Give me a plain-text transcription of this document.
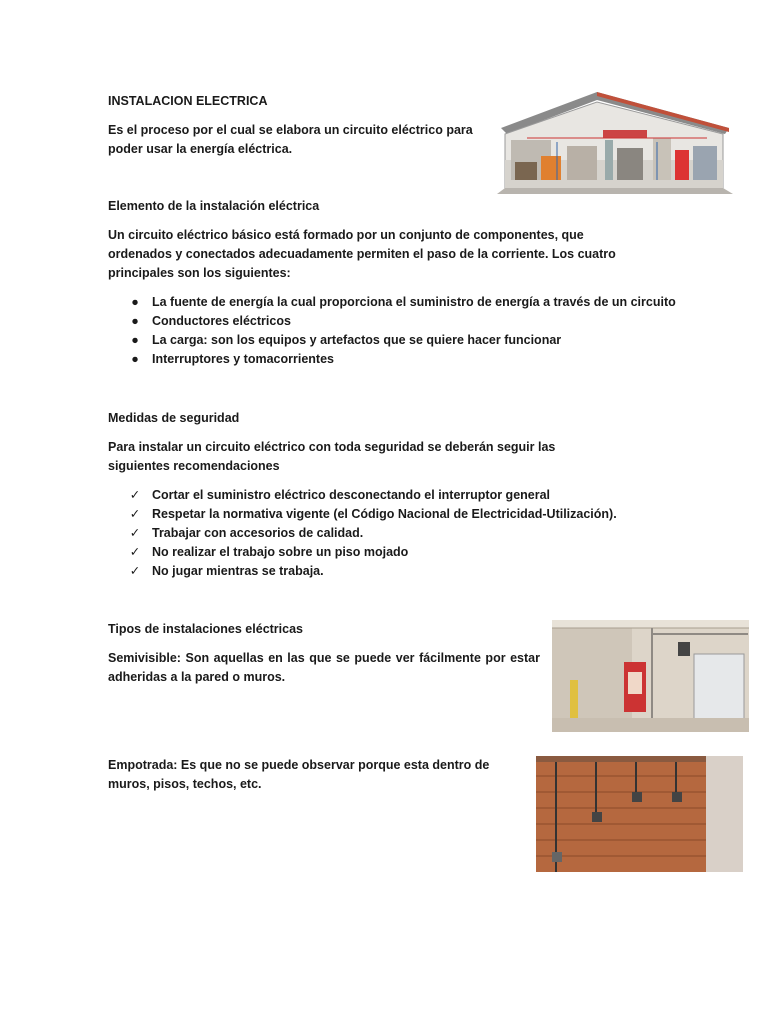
INSTALACION ELECTRICA
Es el proceso por el cual se elabora un circuito eléctrico para poder usar la energía eléctrica.
Elemento de la instalación eléctrica
Un circuito eléctrico básico está formado por un conjunto de componentes, que ordenados y conectados adecuadamente permiten el paso de la corriente. Los cuatro principales son los siguientes:
● La fuente de energía la cual proporciona el suministro de energía a través de un circuito
● Conductores eléctricos
● La carga: son los equipos y artefactos que se quiere hacer funcionar
● Interruptores y tomacorrientes
Medidas de seguridad
Para instalar un circuito eléctrico con toda seguridad se deberán seguir las siguientes recomendaciones
✓ Cortar el suministro eléctrico desconectando el interruptor general
✓ Respetar la normativa vigente (el Código Nacional de Electricidad-Utilización).
✓ Trabajar con accesorios de calidad.
✓ No realizar el trabajo sobre un piso mojado
✓ No jugar mientras se trabaja.
Tipos de instalaciones eléctricas
Semivisible: Son aquellas en las que se puede ver fácilmente por estar adheridas a la pared o muros.
Empotrada: Es que no se puede observar porque esta dentro de muros, pisos, techos, etc.
